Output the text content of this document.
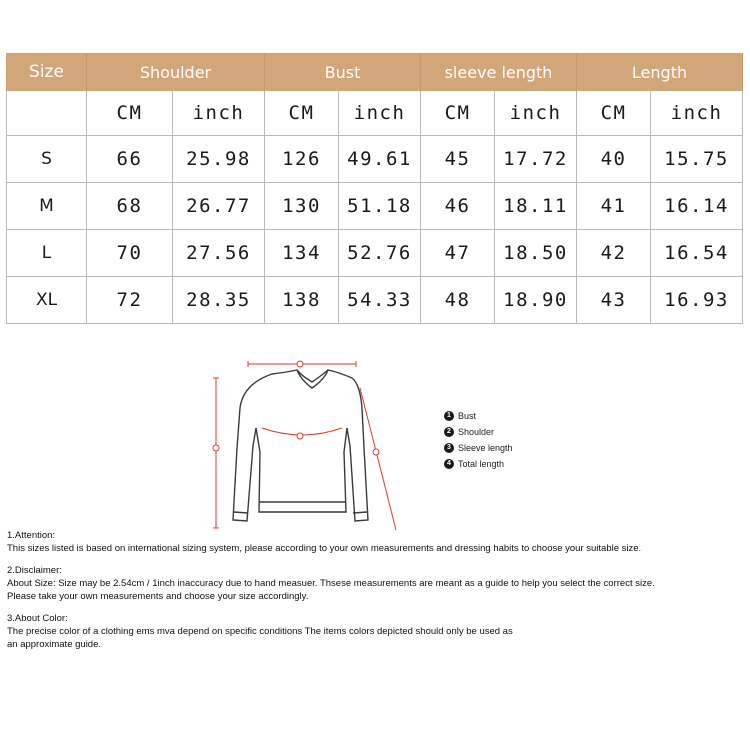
Size	Shoulder		Bust		sleeve length		Length	
	CM	inch	CM	inch	CM	inch	CM	inch
S	66	25.98	126	49.61	45	17.72	40	15.75
M	68	26.77	130	51.18	46	18.11	41	16.14
L	70	27.56	134	52.76	47	18.50	42	16.54
XL	72	28.35	138	54.33	48	18.90	43	16.93
1 Bust
2 Shoulder
3 Sleeve length
4 Total length

1.Attention:

This sizes listed is based on international sizing system, please according to your own measurements and dressing habits to choose your suitable size.

2.Disclaimer:

About Size: Size may be 2.54cm / 1inch inaccuracy due to hand measuer. Thsese measurements are meant as a guide to help you select the correct size.

Please take your own measurements and choose your size accordingly.

3.About Color:

The precise color of a clothing ems mva depend on specific conditions The items colors depicted should only be used as

an approximate guide.
